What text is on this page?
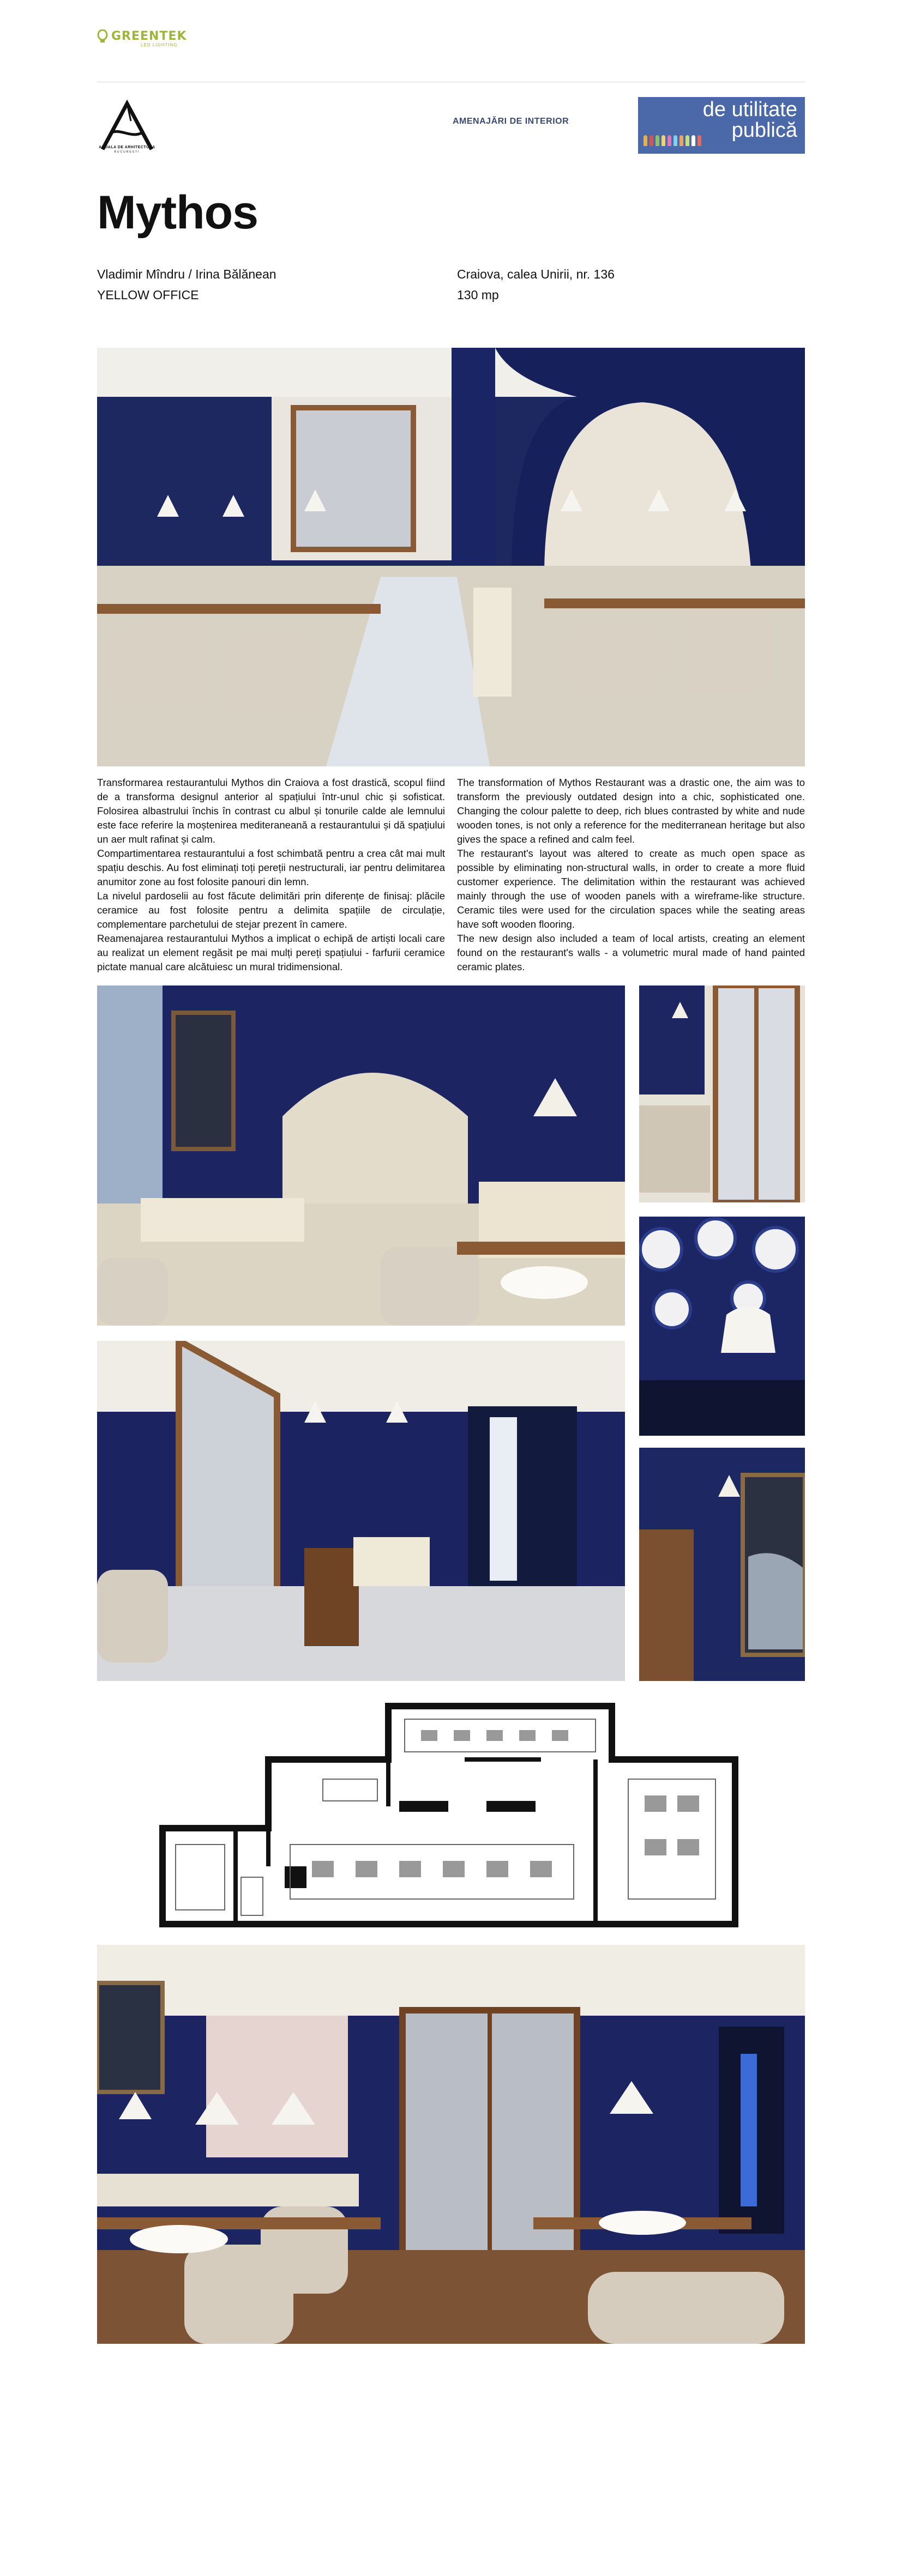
GREENTEK
LED LIGHTING
ANUALA DE ARHITECTURA
BUCURESTI
AMENAJĂRI DE INTERIOR
de utilitate
publică
Mythos
Vladimir Mîndru / Irina Bălănean
YELLOW OFFICE
Craiova, calea Unirii, nr. 136
130 mp

Transformarea restaurantului Mythos din Craiova a fost drastică, scopul fiind de a transforma designul anterior al spațiului într-unul chic și sofisticat. Folosirea albastrului închis în contrast cu albul și tonurile calde ale lemnului este face referire la moștenirea mediteraneană a restaurantului și dă spațiului un aer mult rafinat și calm.

Compartimentarea restaurantului a fost schimbată pentru a crea cât mai mult spațiu deschis. Au fost eliminați toți pereții nestructurali, iar pentru delimitarea anumitor zone au fost folosite panouri din lemn.

La nivelul pardoselii au fost făcute delimitări prin diferențe de finisaj: plăcile ceramice au fost folosite pentru a delimita spațiile de circulație, complementare parchetului de stejar prezent în camere.

Reamenajarea restaurantului Mythos a implicat o echipă de artiști locali care au realizat un element regăsit pe mai mulți pereți spațiului - farfurii ceramice pictate manual care alcătuiesc un mural tridimensional.

The transformation of Mythos Restaurant was a drastic one, the aim was to transform the previously outdated design into a chic, sophisticated one. Changing the colour palette to deep, rich blues contrasted by white and nude wooden tones, is not only a reference for the mediterranean heritage but also gives the space a refined and calm feel.

The restaurant's layout was altered to create as much open space as possible by eliminating non-structural walls, in order to create a more fluid customer experience. The delimitation within the restaurant was achieved mainly through the use of wooden panels with a wireframe-like structure. Ceramic tiles were used for the circulation spaces while the seating areas have soft wooden flooring.

The new design also included a team of local artists, creating an element found on the restaurant's walls - a volumetric mural made of hand painted ceramic plates.
